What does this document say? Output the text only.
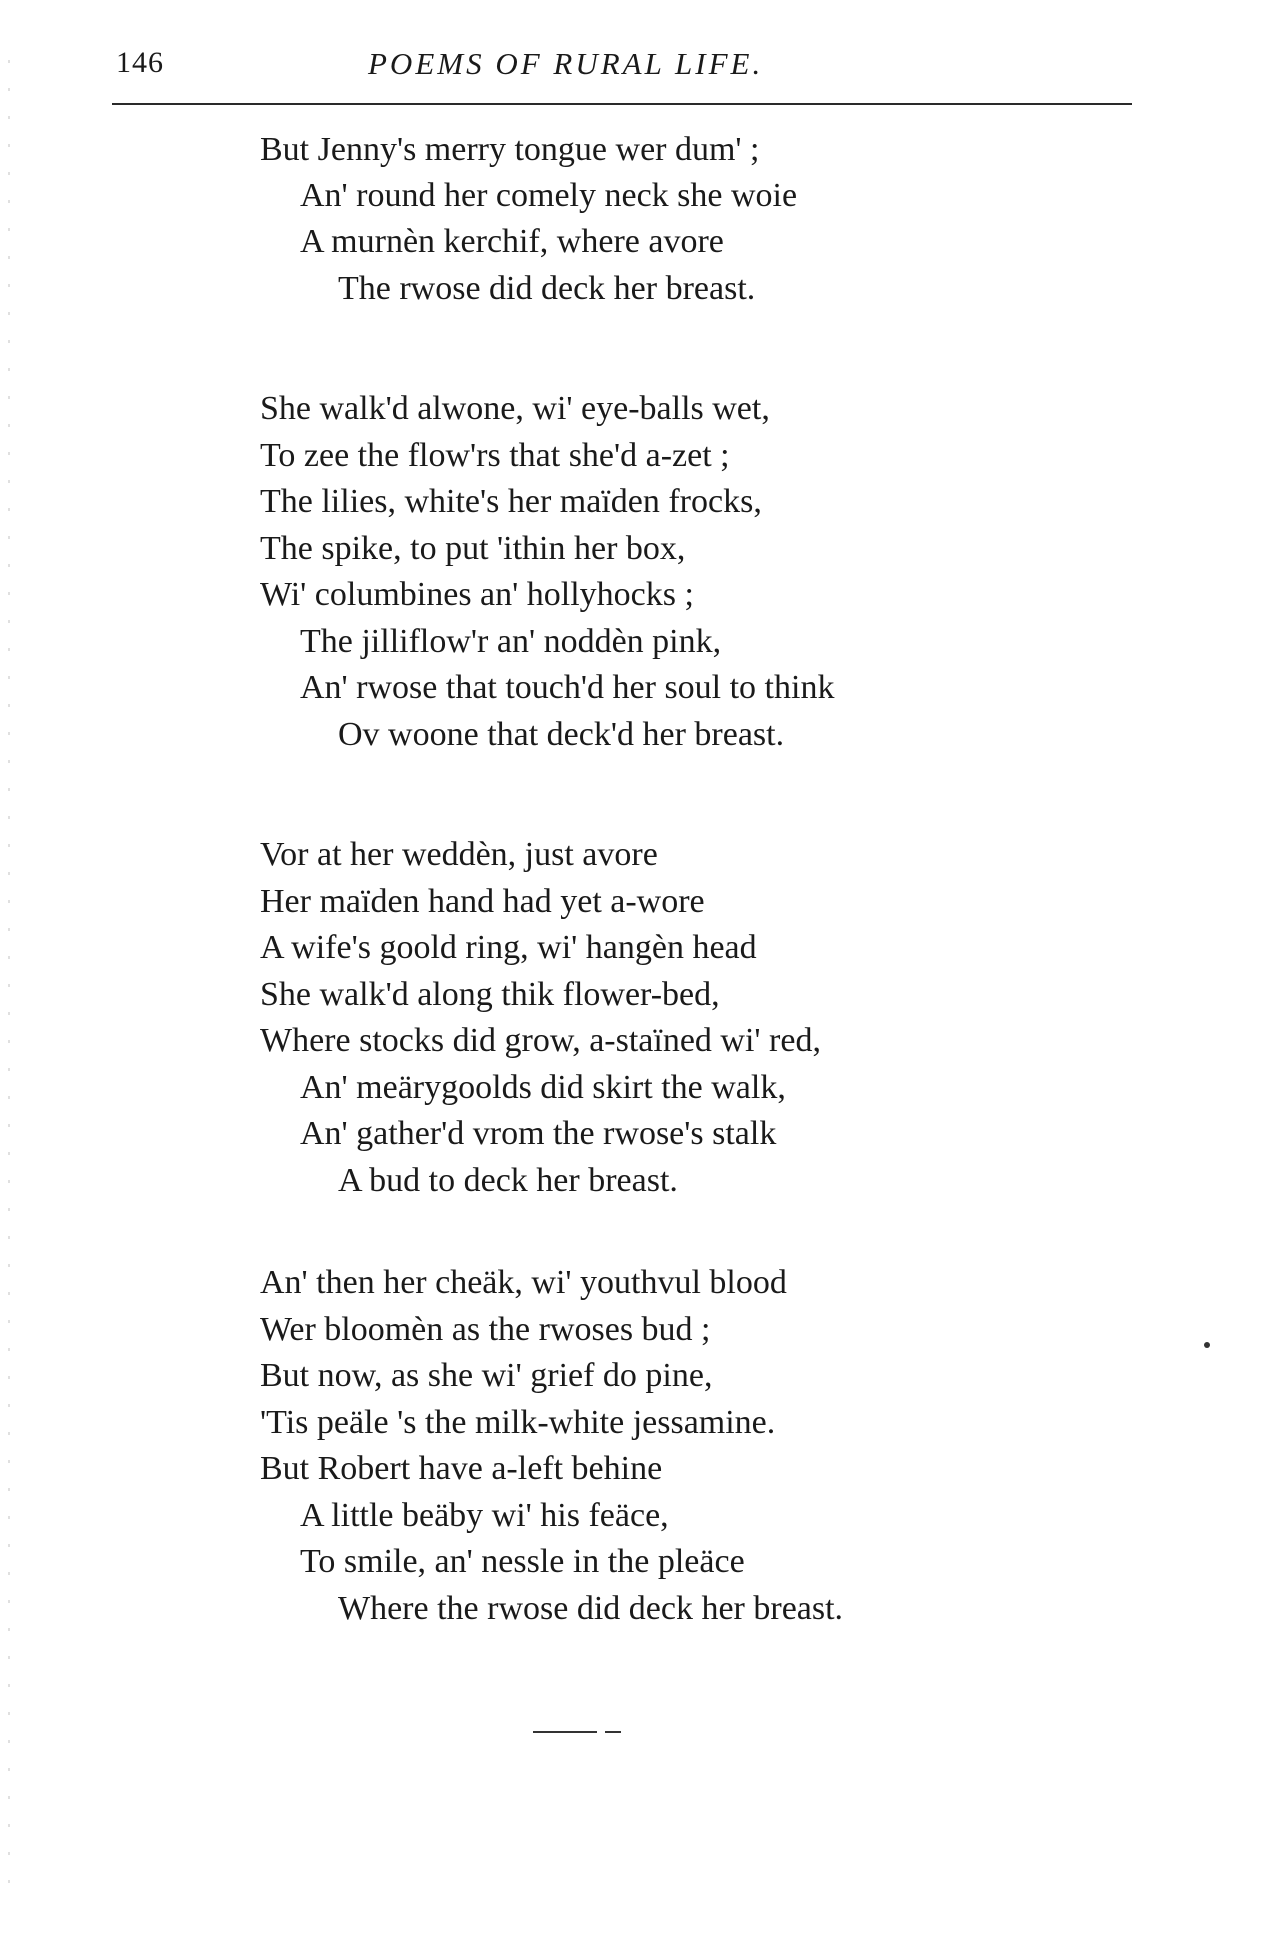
146	POEMS OF RURAL LIFE.
But Jenny's merry tongue wer dum' ;
An' round her comely neck she woie
A murnèn kerchif, where avore
The rwose did deck her breast.
She walk'd alwone, wi' eye-balls wet,
To zee the flow'rs that she'd a-zet ;
The lilies, white's her maïden frocks,
The spike, to put 'ithin her box,
Wi' columbines an' hollyhocks ;
The jilliflow'r an' noddèn pink,
An' rwose that touch'd her soul to think
Ov woone that deck'd her breast.
Vor at her weddèn, just avore
Her maïden hand had yet a-wore
A wife's goold ring, wi' hangèn head
She walk'd along thik flower-bed,
Where stocks did grow, a-staïned wi' red,
An' meärygoolds did skirt the walk,
An' gather'd vrom the rwose's stalk
A bud to deck her breast.
An' then her cheäk, wi' youthvul blood
Wer bloomèn as the rwoses bud ;
But now, as she wi' grief do pine,
'Tis peäle 's the milk-white jessamine.
But Robert have a-left behine
A little beäby wi' his feäce,
To smile, an' nessle in the pleäce
Where the rwose did deck her breast.
